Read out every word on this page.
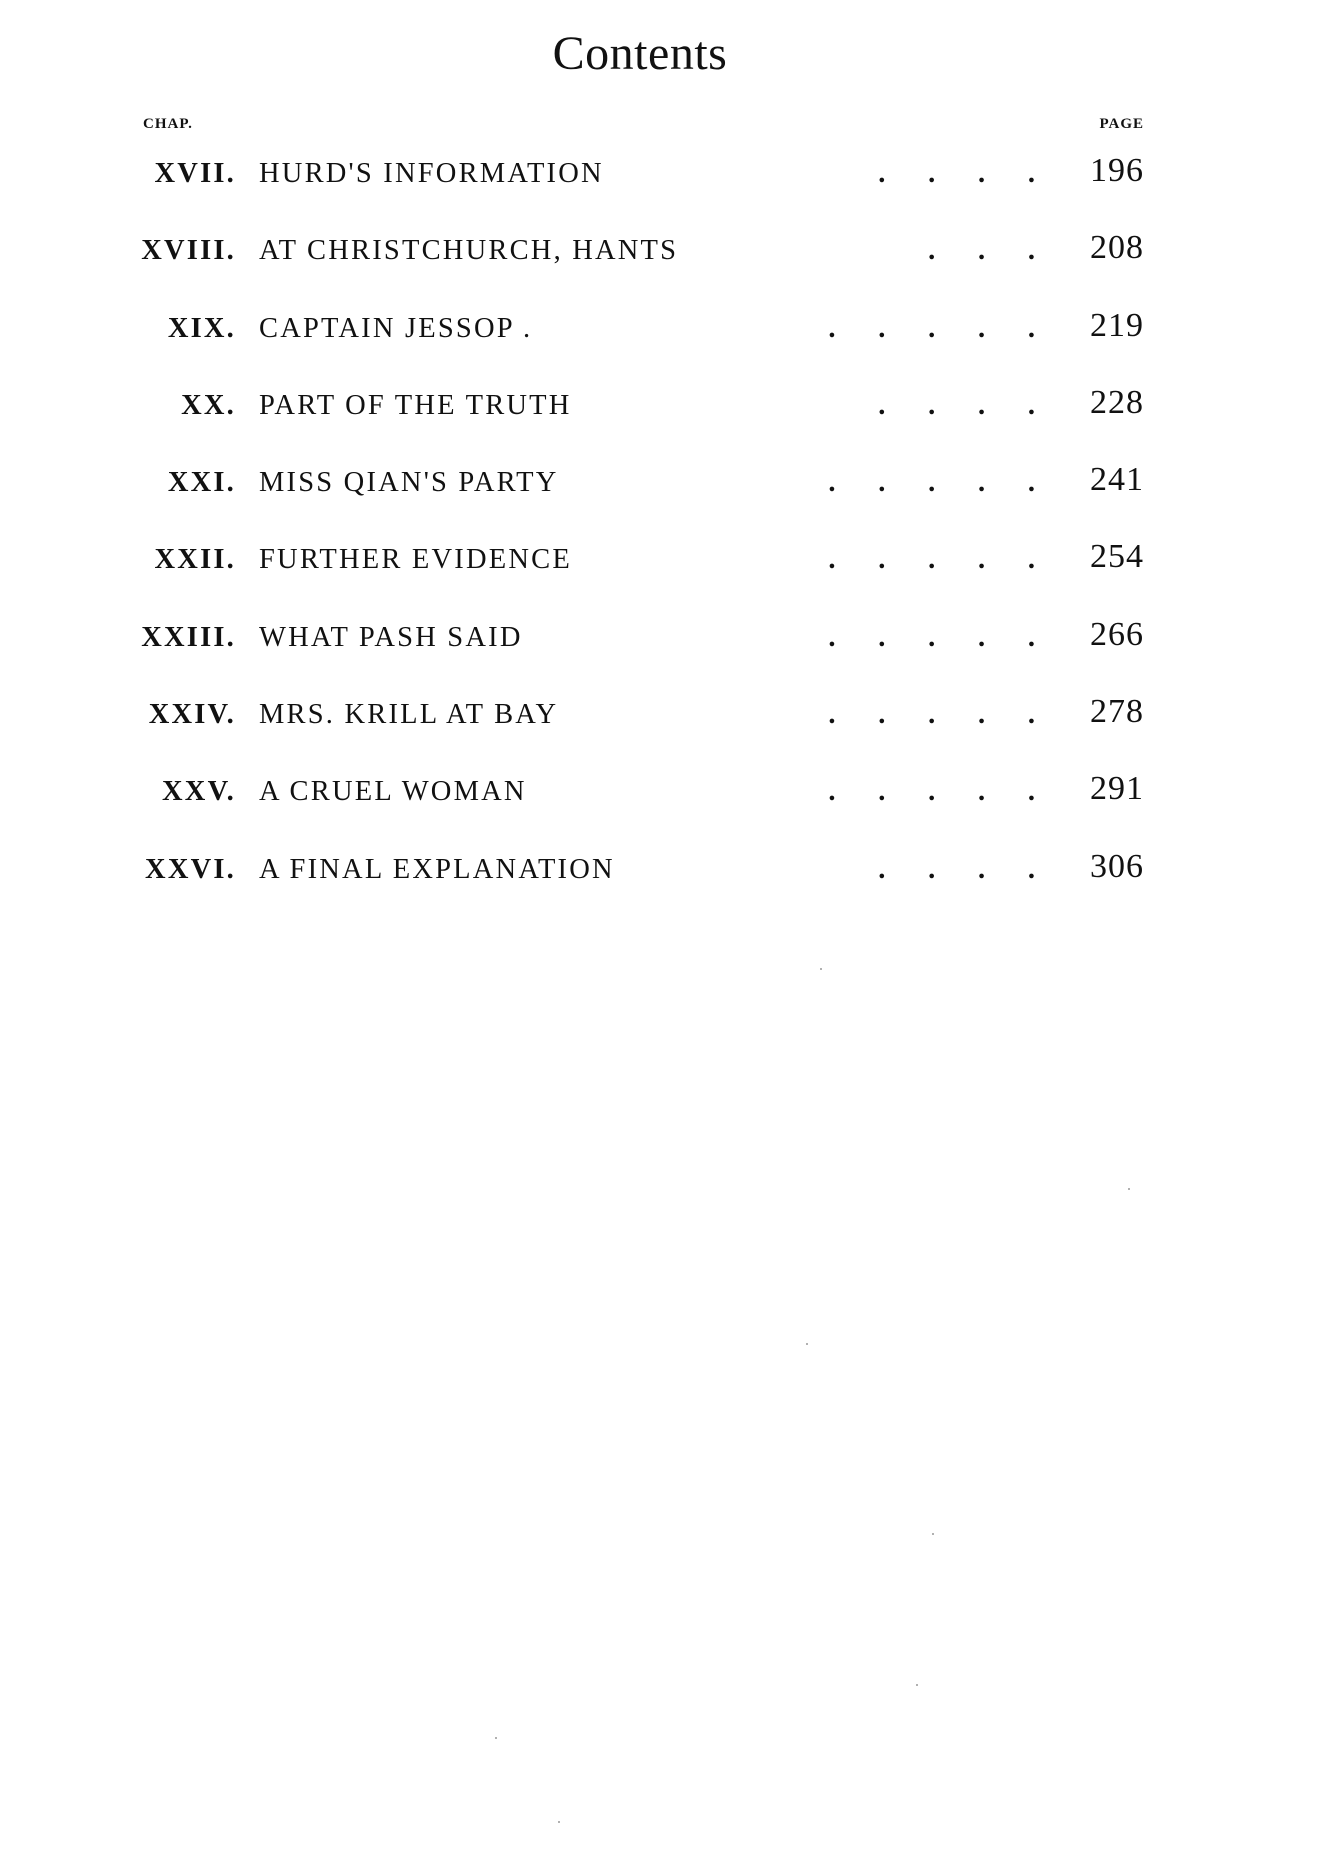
Contents
CHAP.	PAGE
XVII. HURD'S INFORMATION	.      .      .      .	196
XVIII. AT CHRISTCHURCH, HANTS	.      .      .	208
XIX. CAPTAIN JESSOP .	.      .      .      .      .	219
XX. PART OF THE TRUTH	.      .      .      .	228
XXI. MISS QIAN'S PARTY	.      .      .      .      .	241
XXII. FURTHER EVIDENCE	.      .      .      .      .	254
XXIII. WHAT PASH SAID	.      .      .      .      .	266
XXIV. MRS. KRILL AT BAY	.      .      .      .      .	278
XXV. A CRUEL WOMAN	.      .      .      .      .	291
XXVI. A FINAL EXPLANATION	.      .      .      .	306
